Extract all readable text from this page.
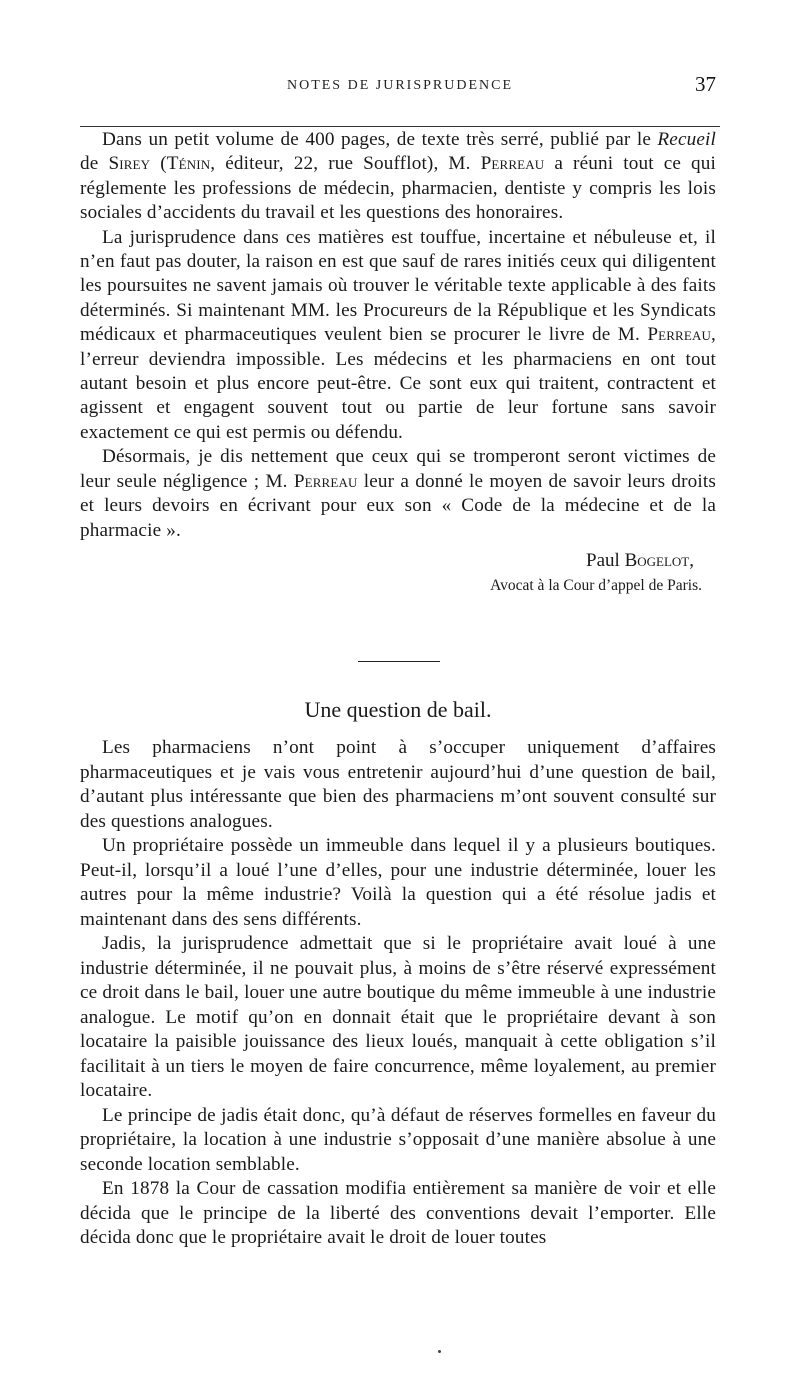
NOTES DE JURISPRUDENCE	37

Dans un petit volume de 400 pages, de texte très serré, publié par le Recueil de Sirey (Ténin, éditeur, 22, rue Soufflot), M. Perreau a réuni tout ce qui réglemente les professions de médecin, pharmacien, dentiste y compris les lois sociales d’accidents du travail et les questions des honoraires.

La jurisprudence dans ces matières est touffue, incertaine et nébuleuse et, il n’en faut pas douter, la raison en est que sauf de rares initiés ceux qui diligentent les poursuites ne savent jamais où trouver le véritable texte applicable à des faits déterminés. Si maintenant MM. les Procureurs de la République et les Syndicats médicaux et pharmaceutiques veulent bien se procurer le livre de M. Perreau, l’erreur deviendra impossible. Les médecins et les pharmaciens en ont tout autant besoin et plus encore peut-être. Ce sont eux qui traitent, contractent et agissent et engagent souvent tout ou partie de leur fortune sans savoir exactement ce qui est permis ou défendu.

Désormais, je dis nettement que ceux qui se tromperont seront victimes de leur seule négligence ; M. Perreau leur a donné le moyen de savoir leurs droits et leurs devoirs en écrivant pour eux son « Code de la médecine et de la pharmacie ».

Paul Bogelot,
Avocat à la Cour d’appel de Paris.
Une question de bail.

Les pharmaciens n’ont point à s’occuper uniquement d’affaires pharmaceutiques et je vais vous entretenir aujourd’hui d’une question de bail, d’autant plus intéressante que bien des pharmaciens m’ont souvent consulté sur des questions analogues.

Un propriétaire possède un immeuble dans lequel il y a plusieurs boutiques. Peut-il, lorsqu’il a loué l’une d’elles, pour une industrie déterminée, louer les autres pour la même industrie? Voilà la question qui a été résolue jadis et maintenant dans des sens différents.

Jadis, la jurisprudence admettait que si le propriétaire avait loué à une industrie déterminée, il ne pouvait plus, à moins de s’être réservé expressément ce droit dans le bail, louer une autre boutique du même immeuble à une industrie analogue. Le motif qu’on en donnait était que le propriétaire devant à son locataire la paisible jouissance des lieux loués, manquait à cette obligation s’il facilitait à un tiers le moyen de faire concurrence, même loyalement, au premier locataire.

Le principe de jadis était donc, qu’à défaut de réserves formelles en faveur du propriétaire, la location à une industrie s’opposait d’une manière absolue à une seconde location semblable.

En 1878 la Cour de cassation modifia entièrement sa manière de voir et elle décida que le principe de la liberté des conventions devait l’emporter. Elle décida donc que le propriétaire avait le droit de louer toutes
